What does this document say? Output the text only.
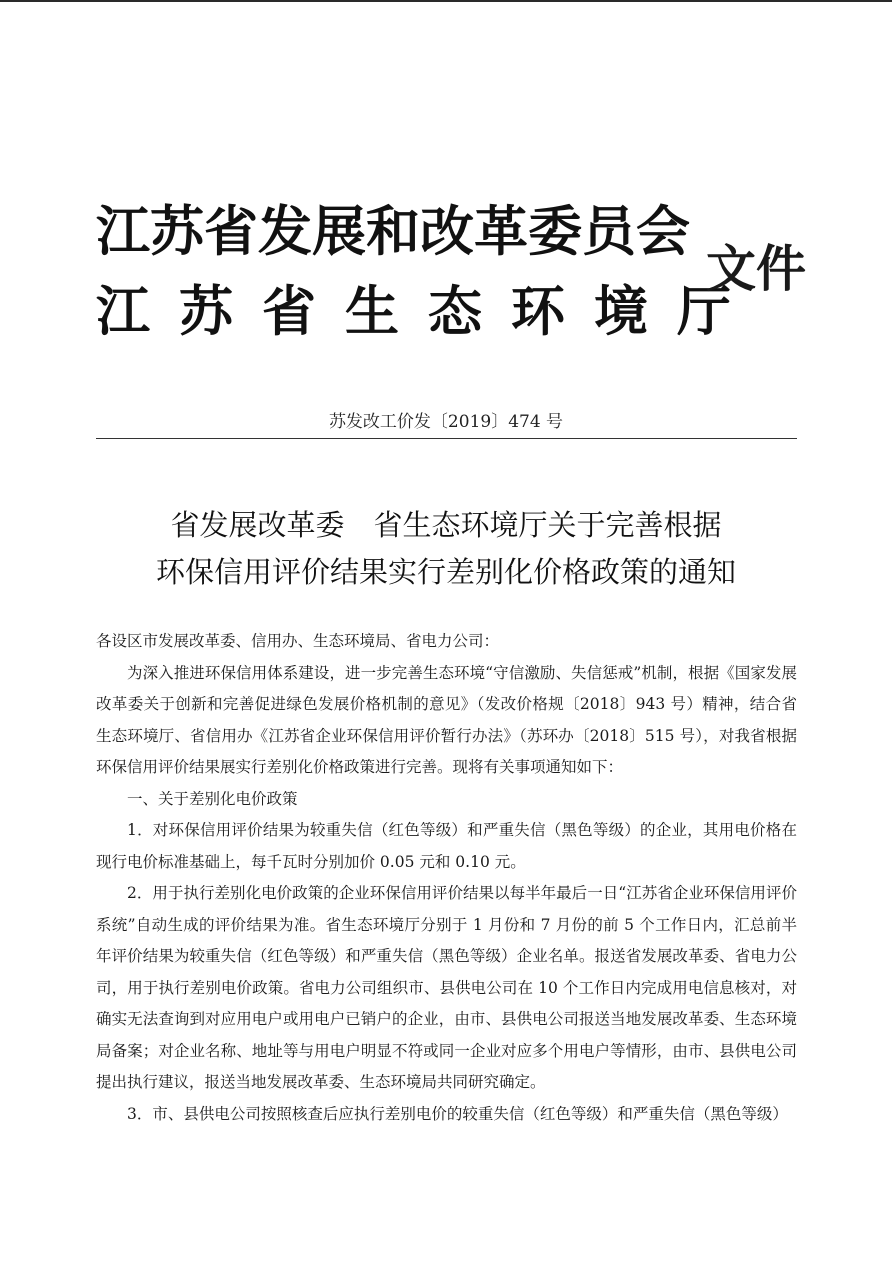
江苏省发展和改革委员会
江苏省生态环境厅
文件
苏发改工价发〔2019〕474 号
省发展改革委　省生态环境厅关于完善根据
环保信用评价结果实行差别化价格政策的通知

各设区市发展改革委、信用办、生态环境局、省电力公司：

为深入推进环保信用体系建设，进一步完善生态环境“守信激励、失信惩戒”机制，根据《国家发展改革委关于创新和完善促进绿色发展价格机制的意见》（发改价格规〔2018〕943 号）精神，结合省生态环境厅、省信用办《江苏省企业环保信用评价暂行办法》（苏环办〔2018〕515 号），对我省根据环保信用评价结果展实行差别化价格政策进行完善。现将有关事项通知如下：

一、关于差别化电价政策

1．对环保信用评价结果为较重失信（红色等级）和严重失信（黑色等级）的企业，其用电价格在现行电价标准基础上，每千瓦时分别加价 0.05 元和 0.10 元。

2．用于执行差别化电价政策的企业环保信用评价结果以每半年最后一日“江苏省企业环保信用评价系统”自动生成的评价结果为准。省生态环境厅分别于 1 月份和 7 月份的前 5 个工作日内，汇总前半年评价结果为较重失信（红色等级）和严重失信（黑色等级）企业名单。报送省发展改革委、省电力公司，用于执行差别电价政策。省电力公司组织市、县供电公司在 10 个工作日内完成用电信息核对，对确实无法查询到对应用电户或用电户已销户的企业，由市、县供电公司报送当地发展改革委、生态环境局备案；对企业名称、地址等与用电户明显不符或同一企业对应多个用电户等情形，由市、县供电公司提出执行建议，报送当地发展改革委、生态环境局共同研究确定。

3．市、县供电公司按照核查后应执行差别电价的较重失信（红色等级）和严重失信（黑色等级）
